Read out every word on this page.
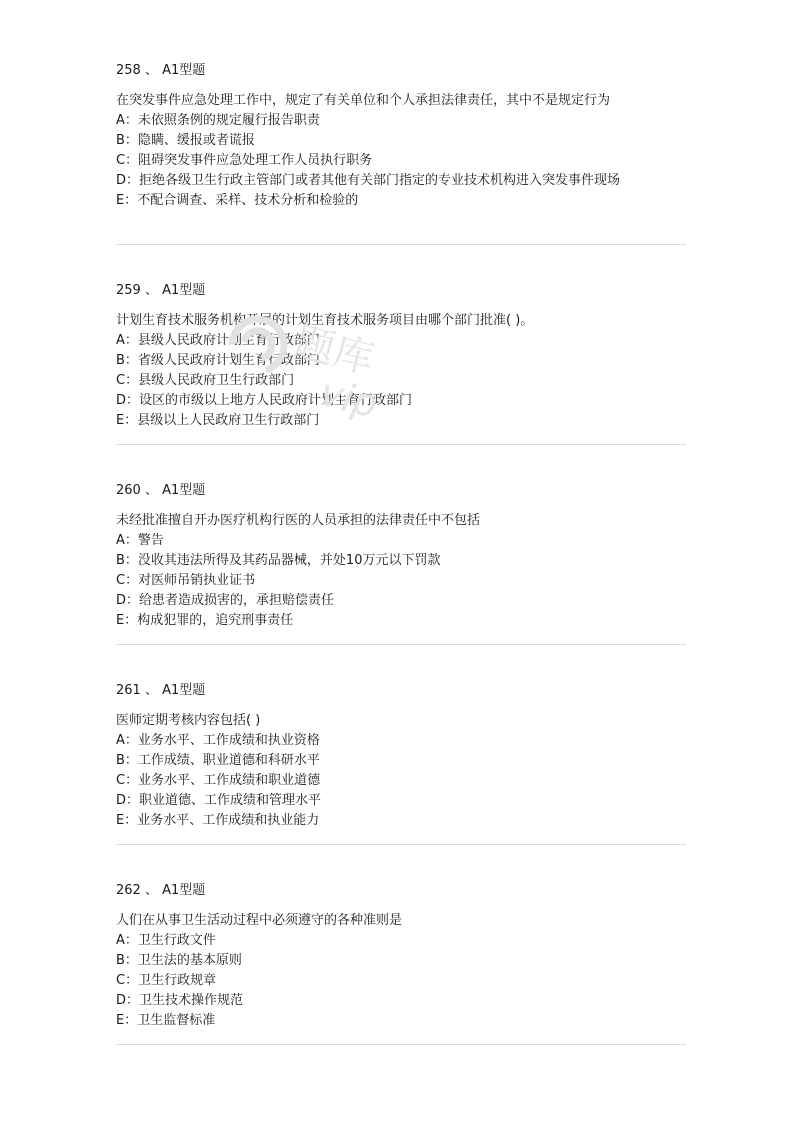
258 、 A1型题
在突发事件应急处理工作中，规定了有关单位和个人承担法律责任，其中不是规定行为
A： 未依照条例的规定履行报告职责
B： 隐瞒、缓报或者谎报
C： 阻碍突发事件应急处理工作人员执行职务
D： 拒绝各级卫生行政主管部门或者其他有关部门指定的专业技术机构进入突发事件现场
E： 不配合调查、采样、技术分析和检验的
259 、 A1型题
计划生育技术服务机构开展的计划生育技术服务项目由哪个部门批准( )。
A： 县级人民政府计划生育行政部门
B： 省级人民政府计划生育行政部门
C： 县级人民政府卫生行政部门
D： 设区的市级以上地方人民政府计划生育行政部门
E： 县级以上人民政府卫生行政部门
260 、 A1型题
未经批准擅自开办医疗机构行医的人员承担的法律责任中不包括
A： 警告
B： 没收其违法所得及其药品器械，并处10万元以下罚款
C： 对医师吊销执业证书
D： 给患者造成损害的，承担赔偿责任
E： 构成犯罪的，追究刑事责任
261 、 A1型题
医师定期考核内容包括( )
A： 业务水平、工作成绩和执业资格
B： 工作成绩、职业道德和科研水平
C： 业务水平、工作成绩和职业道德
D： 职业道德、工作成绩和管理水平
E： 业务水平、工作成绩和执业能力
262 、 A1型题
人们在从事卫生活动过程中必须遵守的各种准则是
A： 卫生行政文件
B： 卫生法的基本原则
C： 卫生行政规章
D： 卫生技术操作规范
E： 卫生监督标准
题库
vip
